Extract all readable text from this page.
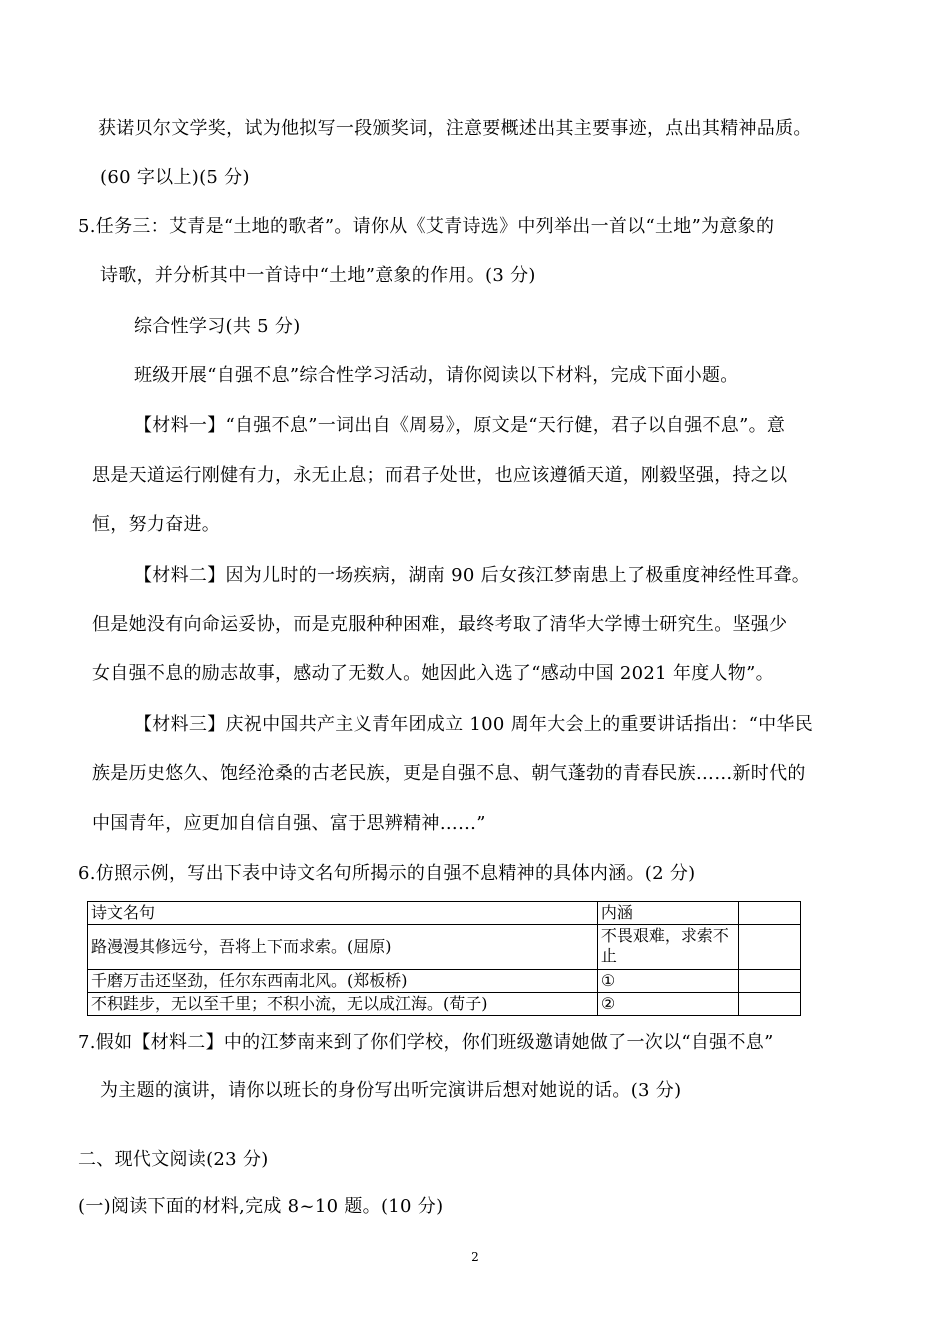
获诺贝尔文学奖，试为他拟写一段颁奖词，注意要概述出其主要事迹，点出其精神品质。
(60 字以上)(5 分)
5.任务三：艾青是“土地的歌者”。请你从《艾青诗选》中列举出一首以“土地”为意象的
诗歌，并分析其中一首诗中“土地”意象的作用。(3 分)
综合性学习(共 5 分)
班级开展“自强不息”综合性学习活动，请你阅读以下材料，完成下面小题。
【材料一】“自强不息”一词出自《周易》，原文是“天行健，君子以自强不息”。意
思是天道运行刚健有力，永无止息；而君子处世，也应该遵循天道，刚毅坚强，持之以
恒，努力奋进。
【材料二】因为儿时的一场疾病，湖南 90 后女孩江梦南患上了极重度神经性耳聋。
但是她没有向命运妥协，而是克服种种困难，最终考取了清华大学博士研究生。坚强少
女自强不息的励志故事，感动了无数人。她因此入选了“感动中国 2021 年度人物”。
【材料三】庆祝中国共产主义青年团成立 100 周年大会上的重要讲话指出：“中华民
族是历史悠久、饱经沧桑的古老民族，更是自强不息、朝气蓬勃的青春民族……新时代的
中国青年，应更加自信自强、富于思辨精神……”
6.仿照示例，写出下表中诗文名句所揭示的自强不息精神的具体内涵。(2 分)
诗文名句	内涵	
路漫漫其修远兮，吾将上下而求索。(屈原)	不畏艰难，求索不止	
千磨万击还坚劲，任尔东西南北风。(郑板桥)	①	
不积跬步，无以至千里；不积小流，无以成江海。(荀子)	②	
7.假如【材料二】中的江梦南来到了你们学校，你们班级邀请她做了一次以“自强不息”
为主题的演讲，请你以班长的身份写出听完演讲后想对她说的话。(3 分)
二、现代文阅读(23 分)
(一)阅读下面的材料,完成 8~10 题。(10 分)
2
